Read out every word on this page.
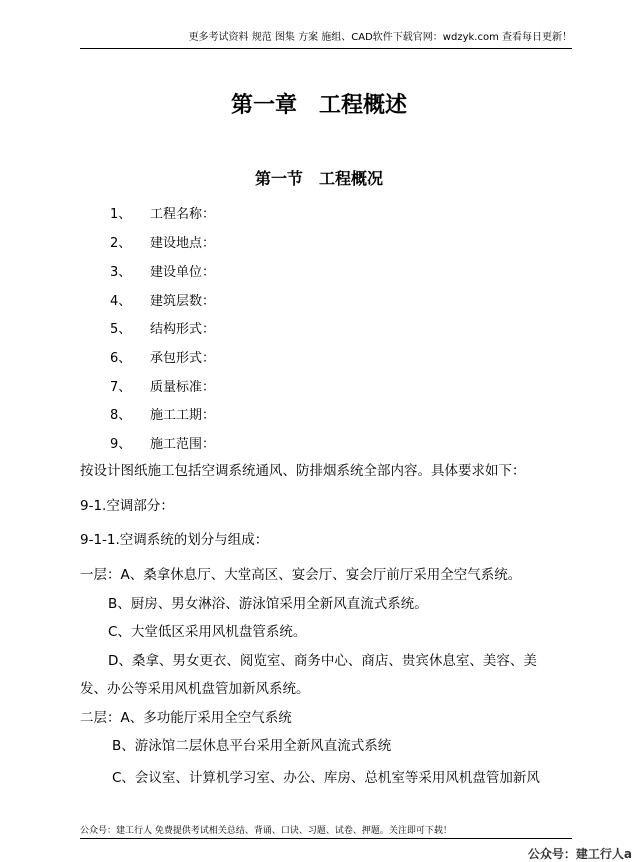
更多考试资料 规范 图集 方案 施组、CAD软件下载官网：wdzyk.com 查看每日更新！
第一章　工程概述
第一节　工程概况
1、 工程名称：
2、 建设地点：
3、 建设单位：
4、 建筑层数：
5、 结构形式：
6、 承包形式：
7、 质量标准：
8、 施工工期：
9、 施工范围：
按设计图纸施工包括空调系统通风、防排烟系统全部内容。具体要求如下：
9-1.空调部分：
9-1-1.空调系统的划分与组成：
一层：A、桑拿休息厅、大堂高区、宴会厅、宴会厅前厅采用全空气系统。
B、厨房、男女淋浴、游泳馆采用全新风直流式系统。
C、大堂低区采用风机盘管系统。
D、桑拿、男女更衣、阅览室、商务中心、商店、贵宾休息室、美容、美
发、办公等采用风机盘管加新风系统。
二层：A、多功能厅采用全空气系统
B、游泳馆二层休息平台采用全新风直流式系统
C、会议室、计算机学习室、办公、库房、总机室等采用风机盘管加新风
公众号：建工行人 免费提供考试相关总结、背诵、口诀、习题、试卷、押题。关注即可下载！
公众号：建工行人a
